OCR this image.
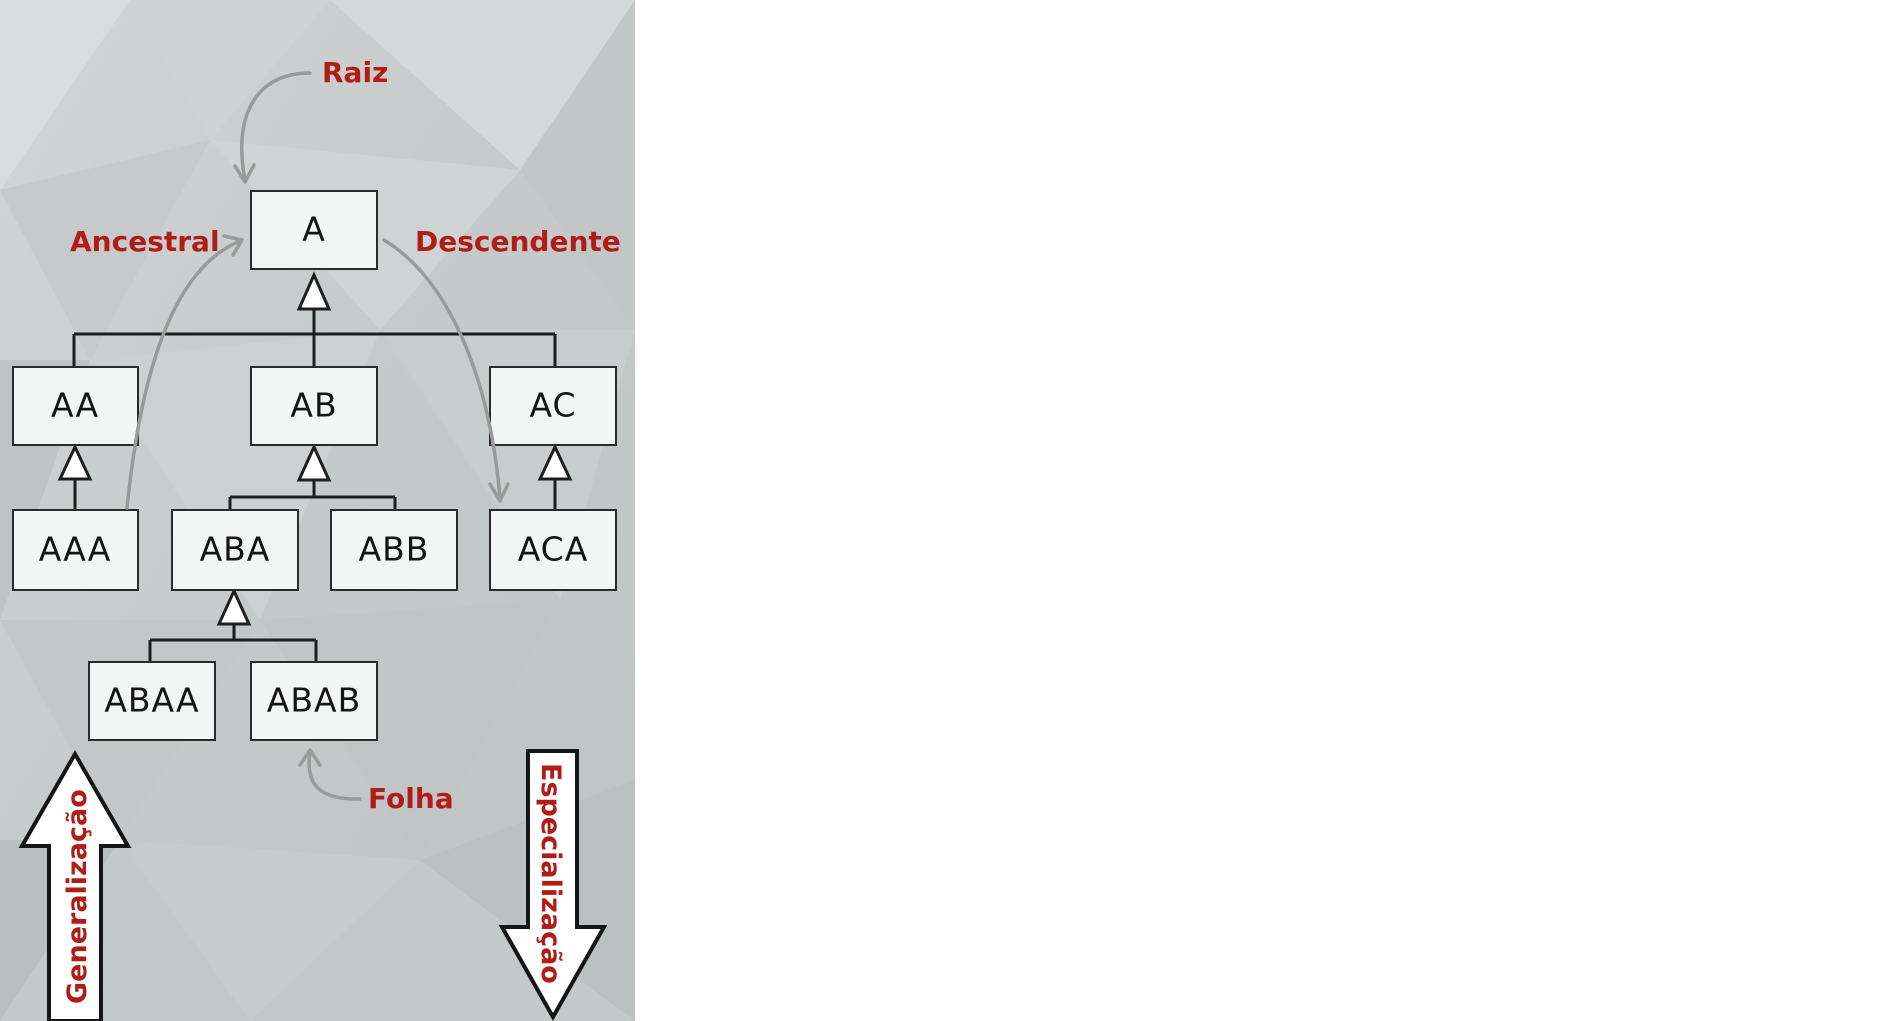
A
AA	AB	AC
AAA	ABA	ABB	ACA
ABAA ABAB
Raiz
Ancestral	Descendente
Folha
Generalização	Especialização
